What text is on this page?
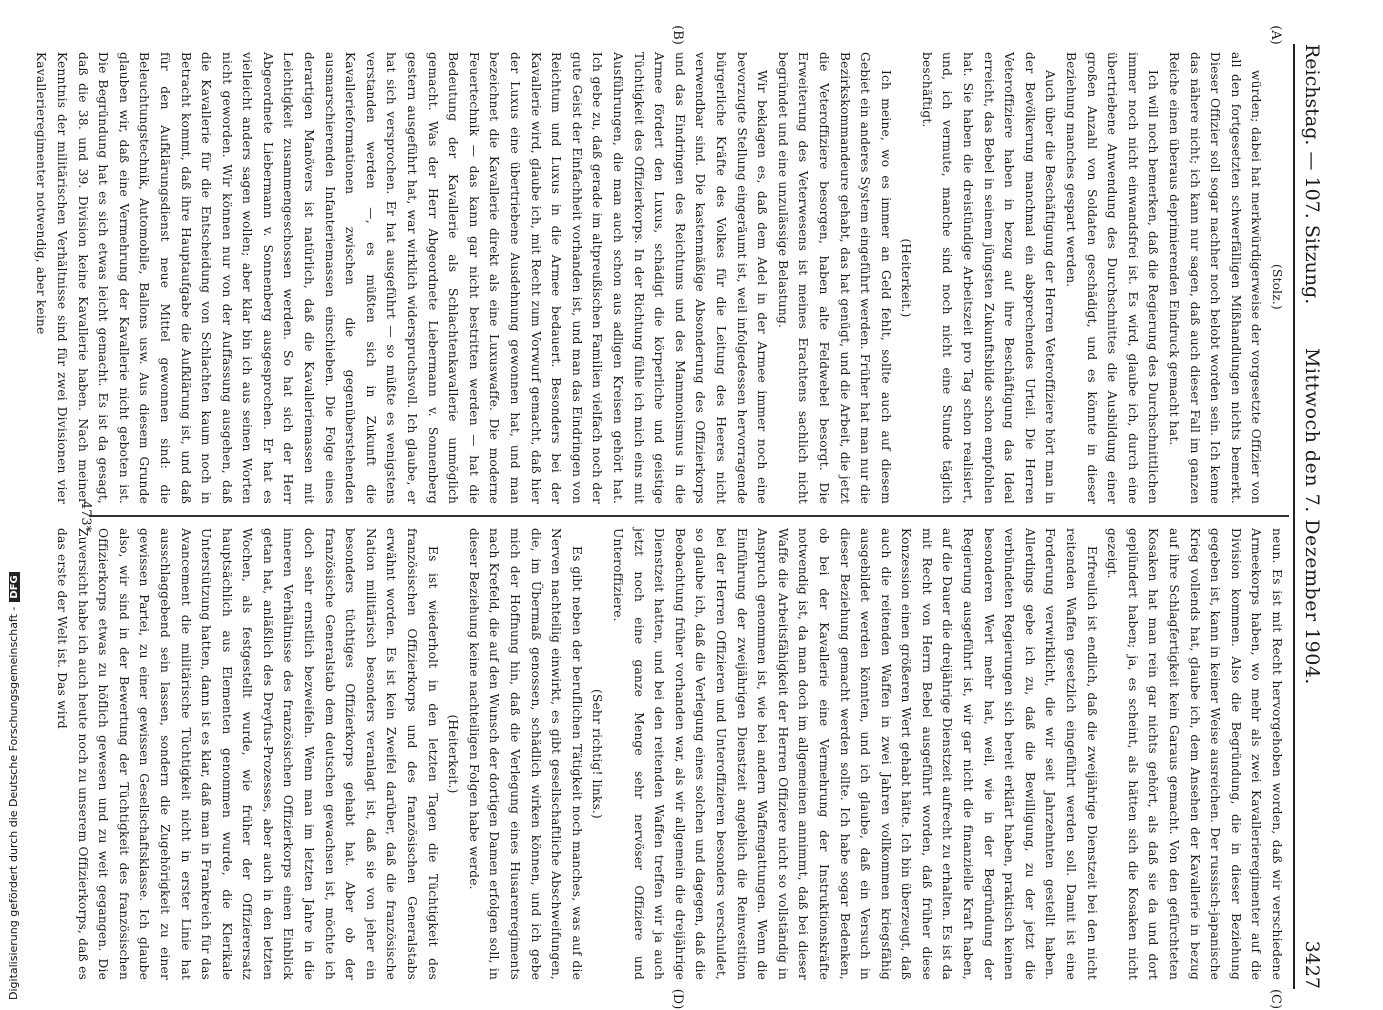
Reichstag. — 107. Sitzung.
Mittwoch den 7. Dezember 1904.
3427
(A)
(B)
(C)
(D)

(Stolz.)

würden; dabei hat merkwürdigerweise der vorgesetzte Offizier von all den fortgesetzten schwerfälligen Mißhandlungen nichts bemerkt. Dieser Offizier soll sogar nachher noch belobt worden sein. Ich kenne das nähere nicht; ich kann nur sagen, daß auch dieser Fall im ganzen Reiche einen überaus deprimierenden Eindruck gemacht hat.

Ich will noch bemerken, daß die Regierung des Durchschnittlichen immer noch nicht einwandsfrei ist. Es wird, glaube ich, durch eine übertriebene Anwendung des Durchschnittes die Ausbildung einer großen Anzahl von Soldaten geschädigt, und es könnte in dieser Beziehung manches gespart werden.

Auch über die Beschäftigung der Herren Veteroffiziere hört man in der Bevölkerung manchmal ein absprechendes Urteil. Die Herren Veteroffiziere haben in bezug auf ihre Beschäftigung das Ideal erreicht, das Bebel in seinem jüngsten Zukunftsbilde schon empfohlen hat. Sie haben die dreistündige Arbeitszeit pro Tag schon realisiert, und, ich vermute, manche sind noch nicht eine Stunde täglich beschäftigt.

(Heiterkeit.)

Ich meine, wo es immer an Geld fehlt, sollte auch auf diesem Gebiet ein anderes System eingeführt werden. Früher hat man nur die Bezirkskommandeure gehabt, das hat genügt, und die Arbeit, die jetzt die Veteroffiziere besorgen, haben alte Feldwebel besorgt. Die Erweiterung des Veterwesens ist meines Erachtens sachlich nicht begründet und eine unzulässige Belastung.

Wir beklagen es, daß dem Adel in der Armee immer noch eine bevorzugte Stellung eingeräumt ist, weil infolgedessen hervorragende bürgerliche Kräfte des Volkes für die Leitung des Heeres nicht verwendbar sind. Die kastenmäßige Absonderung des Offizierkorps und das Eindringen des Reichtums und des Mammonismus in die Armee fördert den Luxus, schädigt die körperliche und geistige Tüchtigkeit des Offizierkorps. In der Richtung fühle ich mich eins mit Ausführungen, die man auch schon aus adligen Kreisen gehört hat. Ich gebe zu, daß gerade im altpreußischen Familien vielfach noch der gute Geist der Einfachheit vorhanden ist, und man das Eindringen von Reichtum und Luxus in die Armee bedauert. Besonders bei der Kavallerie wird, glaube ich, mit Recht zum Vorwurf gemacht, daß hier der Luxus eine übertriebene Ausdehnung gewonnen hat, und man bezeichnet die Kavallerie direkt als eine Luxuswaffe. Die moderne Feuertechnik — das kann gar nicht bestritten werden — hat die Bedeutung der Kavallerie als Schlachtenkavallerie unmöglich gemacht. Was der Herr Abgeordnete Liebermann v. Sonnenberg gestern ausgeführt hat, war wirklich widerspruchsvoll. Ich glaube, er hat sich versprochen. Er hat ausgeführt — so müßte es wenigstens verstanden werden —, es müßten sich in Zukunft die Kavallerieformationen zwischen die gegenüberstehenden ausmarschierenden Infanteriemassen einschieben. Die Folge eines derartigen Manövers ist natürlich, daß die Kavalleriemassen mit Leichtigkeit zusammengeschossen werden. So hat sich der Herr Abgeordnete Liebermann v. Sonnenberg ausgesprochen. Er hat es vielleicht anders sagen wollen; aber klar bin ich aus seinen Worten nicht geworden. Wir können nur von der Auffassung ausgehen, daß die Kavallerie für die Entscheidung von Schlachten kaum noch in Betracht kommt, daß ihre Hauptaufgabe die Aufklärung ist, und daß für den Aufklärungsdienst neue Mittel gewonnen sind: die Beleuchtungstechnik, Automobile, Ballons usw. Aus diesem Grunde glauben wir, daß eine Vermehrung der Kavallerie nicht geboten ist. Die Begründung hat es sich etwas leicht gemacht. Es ist da gesagt, daß die 38. und 39. Division keine Kavallerie haben. Nach meiner Kenntnis der militärischen Verhältnisse sind für zwei Divisionen vier Kavallerieregimenter notwendig, aber keine

neun. Es ist mit Recht hervorgehoben worden, daß wir verschiedene Armeekorps haben, wo mehr als zwei Kavallerieregimenter auf die Division kommen. Also die Begründung, die in dieser Beziehung gegeben ist, kann in keiner Weise ausreichen. Der russisch-japanische Krieg vollends hat, glaube ich, dem Ansehen der Kavallerie in bezug auf ihre Schlagfertigkeit kein Garaus gemacht. Von den gefürchteten Kosaken hat man rein gar nichts gehört, als daß sie da und dort geplündert haben; ja, es scheint, als hätten sich die Kosaken nicht gezeigt.

Erfreulich ist endlich, daß die zweijährige Dienstzeit bei den nicht reitenden Waffen gesetzlich eingeführt werden soll. Damit ist eine Forderung verwirklicht, die wir seit Jahrzehnten gestellt haben. Allerdings gebe ich zu, daß die Bewilligung, zu der jetzt die verbündeten Regierungen sich bereit erklärt haben, praktisch keinen besonderen Wert mehr hat, weil, wie in der Begründung der Regierung ausgeführt ist, wir gar nicht die finanzielle Kraft haben, auf die Dauer die dreijährige Dienstzeit aufrecht zu erhalten. Es ist da mit Recht von Herrn Bebel ausgeführt worden, daß früher diese Konzession einen größeren Wert gehabt hätte. Ich bin überzeugt, daß auch die reitenden Waffen in zwei Jahren vollkommen kriegsfähig ausgebildet werden könnten, und ich glaube, daß ein Versuch in dieser Beziehung gemacht werden sollte. Ich habe sogar Bedenken, ob bei der Kavallerie eine Vermehrung der Instruktionskräfte notwendig ist, da man doch im allgemeinen annimmt, daß bei dieser Waffe die Arbeitsfähigkeit der Herren Offiziere nicht so vollständig in Anspruch genommen ist, wie bei andern Waffengattungen. Wenn die Einführung der zweijährigen Dienstzeit angeblich die Reinvestition bei der Herren Offizieren und Unteroffizieren besonders verschuldet, so glaube ich, daß die Verlegung eines solchen und dagegen, daß die Beobachtung früher vorhanden war, als wir allgemein die dreijährige Dienstzeit hatten, und bei den reitenden Waffen treffen wir ja auch jetzt noch eine ganze Menge sehr nervöser Offiziere und Unteroffiziere.

(Sehr richtig! links.)

Es gibt neben der beruflichen Tätigkeit noch manches, was auf die Nerven nachteilig einwirkt, es gibt gesellschaftliche Abschweifungen, die, im Übermaß genossen, schädlich wirken können, und ich gebe mich der Hoffnung hin, daß die Verlegung eines Husarenregiments nach Krefeld, die auf den Wunsch der dortigen Damen erfolgen soll, in dieser Beziehung keine nachteiligen Folgen habe werde.

(Heiterkeit.)

Es ist wiederholt in den letzten Tagen die Tüchtigkeit des französischen Offizierkorps und des französischen Generalstabs erwähnt worden. Es ist kein Zweifel darüber, daß die französische Nation militärisch besonders veranlagt ist, daß sie von jeher ein besonders tüchtiges Offizierkorps gehabt hat. Aber ob der französische Generalstab dem deutschen gewachsen ist, möchte ich doch sehr ernstlich bezweifeln. Wenn man im letzten Jahre in die inneren Verhältnisse des französischen Offizierkorps einen Einblick getan hat, anläßlich des Dreyfus-Prozesses, aber auch in den letzten Wochen, als festgestellt wurde, wie früher der Offizierersatz hauptsächlich aus Elementen genommen wurde, die Klerikale Unterstützung hatten, dann ist es klar, daß man in Frankreich für das Avancement die militärische Tüchtigkeit nicht in erster Linie hat ausschlaggebend sein lassen, sondern die Zugehörigkeit zu einer gewissen Partei, zu einer gewissen Gesellschaftsklasse. Ich glaube also, wir sind in der Bewertung der Tüchtigkeit des französischen Offizierkorps etwas zu höflich gewesen und zu weit gegangen. Die Zuversicht habe ich auch heute noch zu unserem Offizierkorps, daß es das erste der Welt ist. Das wird

473*
Digitalisierung gefördert durch die Deutsche Forschungsgemeinschaft -DFG
